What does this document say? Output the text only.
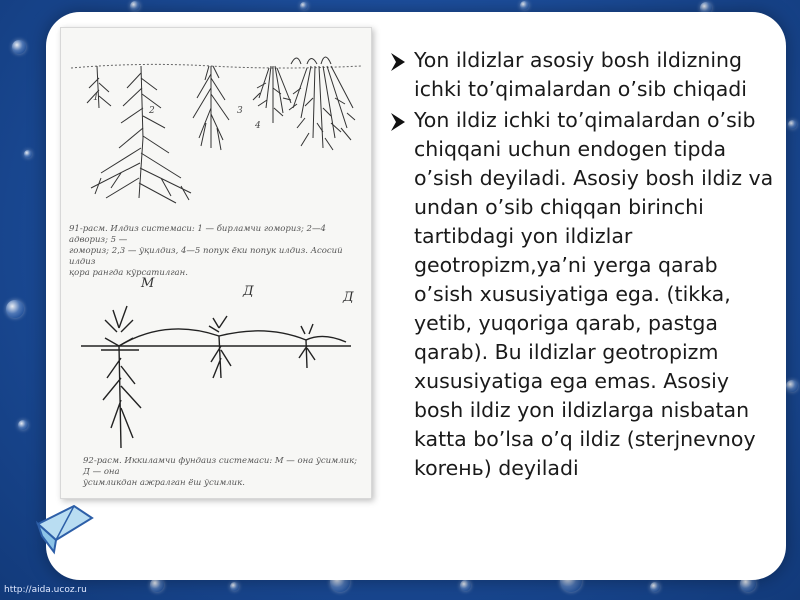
1
2	3
4
91-расм. Илдиз системаси: 1 — бирламчи гомориз; 2—4 адвориз; 5 —
гомориз; 2,3 — ўқилдиз, 4—5 попук ёки попук илдиз. Асосий илдиз
қора рангда кўрсатилган.
М
Д	Д
92-расм. Иккиламчи фундаиз системаси: М — она ўсимлик; Д — она
ўсимликдан ажралган ёш ўсимлик.
Yon ildizlar asosiy bosh ildizning ichki to’qimalardan o’sib chiqadi
Yon ildiz ichki to’qimalardan o’sib chiqqani uchun endogen tipda o’sish deyiladi. Asosiy bosh ildiz va undan o’sib chiqqan birinchi tartibdagi yon ildizlar geotropizm,ya’ni yerga qarab o’sish xususiyatiga ega. (tikka, yetib, yuqoriga qarab, pastga qarab). Bu ildizlar geotropizm xususiyatiga ega emas. Asosiy bosh ildiz yon ildizlarga nisbatan katta bo’lsa o’q ildiz (sterjnevnoy koreнь) deyiladi
http://aida.ucoz.ru
